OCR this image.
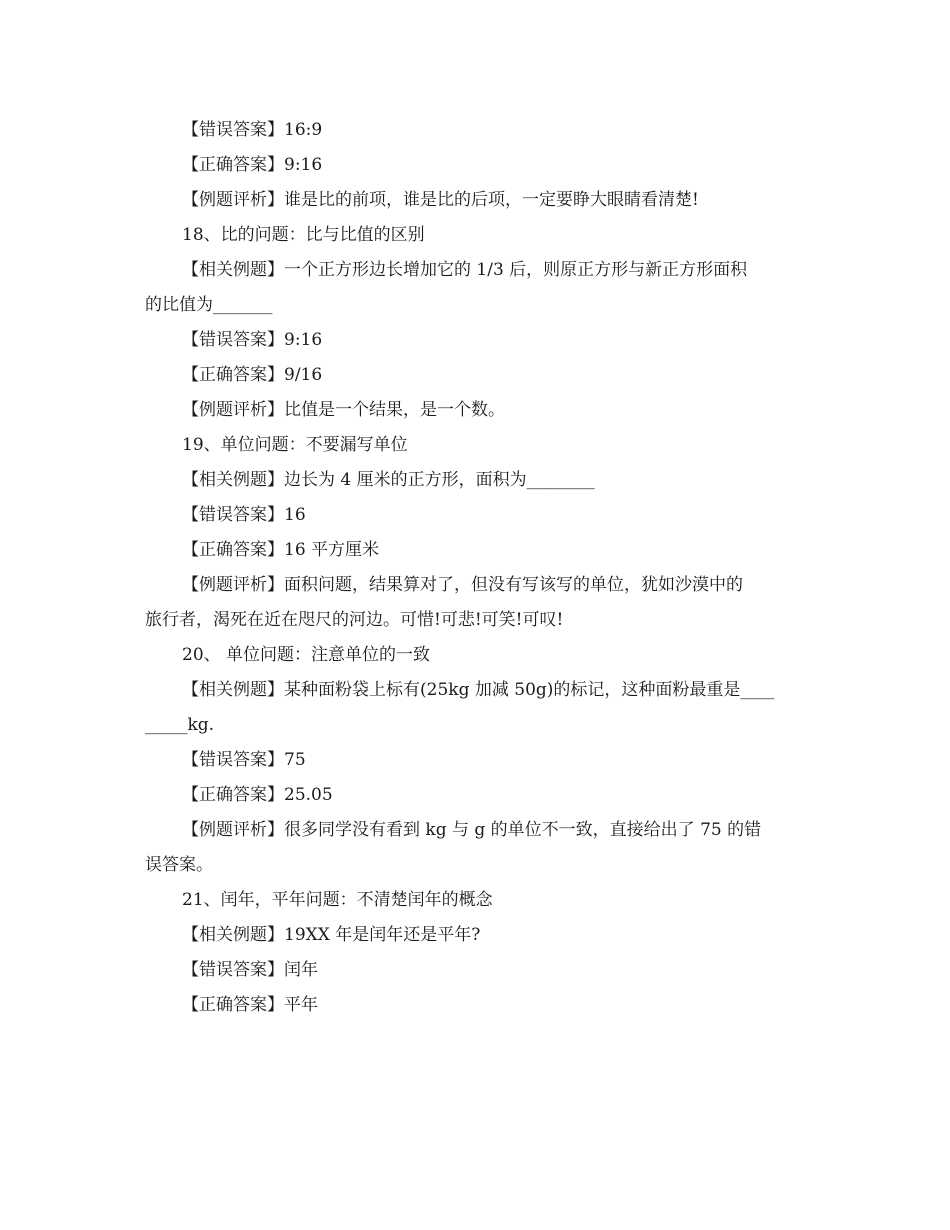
【错误答案】16:9

【正确答案】9:16

【例题评析】谁是比的前项，谁是比的后项，一定要睁大眼睛看清楚!

18、比的问题：比与比值的区别

【相关例题】一个正方形边长增加它的 1/3 后，则原正方形与新正方形面积

的比值为_______

【错误答案】9:16

【正确答案】9/16

【例题评析】比值是一个结果，是一个数。

19、单位问题：不要漏写单位

【相关例题】边长为 4 厘米的正方形，面积为________

【错误答案】16

【正确答案】16 平方厘米

【例题评析】面积问题，结果算对了，但没有写该写的单位，犹如沙漠中的

旅行者，渴死在近在咫尺的河边。可惜!可悲!可笑!可叹!

20、 单位问题：注意单位的一致

【相关例题】某种面粉袋上标有(25kg 加减 50g)的标记，这种面粉最重是____

_____kg.

【错误答案】75

【正确答案】25.05

【例题评析】很多同学没有看到 kg 与 g 的单位不一致，直接给出了 75 的错

误答案。

21、闰年，平年问题：不清楚闰年的概念

【相关例题】19XX 年是闰年还是平年?

【错误答案】闰年

【正确答案】平年
